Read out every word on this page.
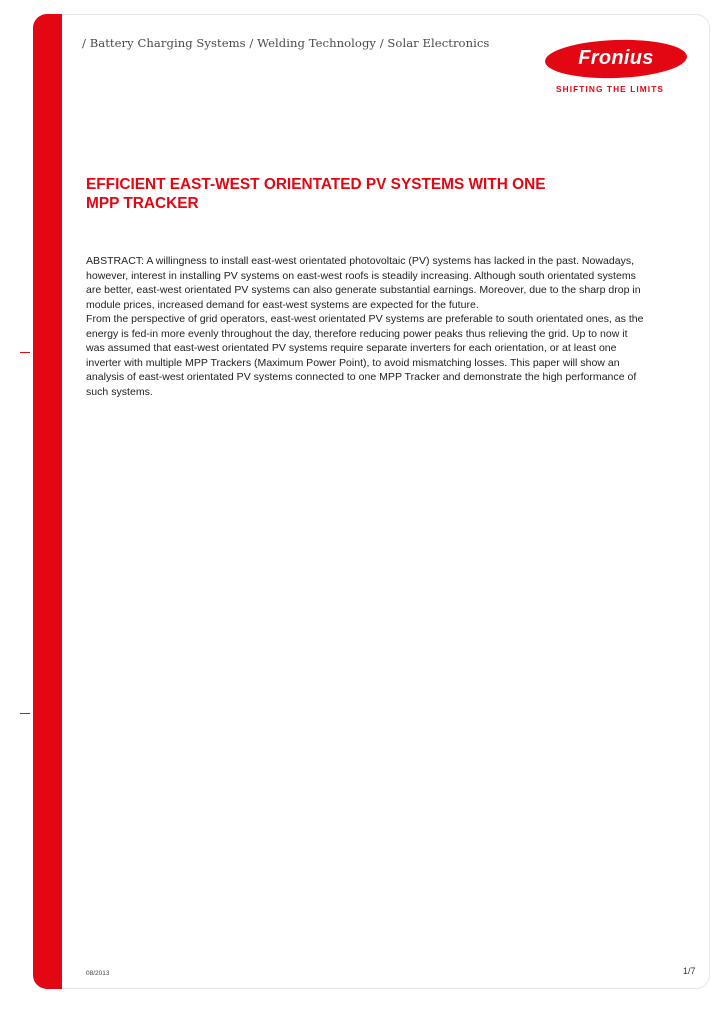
/ Battery Charging Systems / Welding Technology / Solar Electronics
Fronius
SHIFTING THE LIMITS
EFFICIENT EAST-WEST ORIENTATED PV SYSTEMS WITH ONE
MPP TRACKER

ABSTRACT: A willingness to install east-west orientated photovoltaic (PV) systems has lacked in the past. Nowadays, however, interest in installing PV systems on east-west roofs is steadily increasing. Although south orientated systems are better, east-west orientated PV systems can also generate substantial earnings. Moreover, due to the sharp drop in module prices, increased demand for east-west systems are expected for the future.

From the perspective of grid operators, east-west orientated PV systems are preferable to south orientated ones, as the energy is fed-in more evenly throughout the day, therefore reducing power peaks thus relieving the grid. Up to now it was assumed that east-west orientated PV systems require separate inverters for each orientation, or at least one inverter with multiple MPP Trackers (Maximum Power Point), to avoid mismatching losses. This paper will show an analysis of east-west orientated PV systems connected to one MPP Tracker and demonstrate the high performance of such systems.

08/2013	1/7
